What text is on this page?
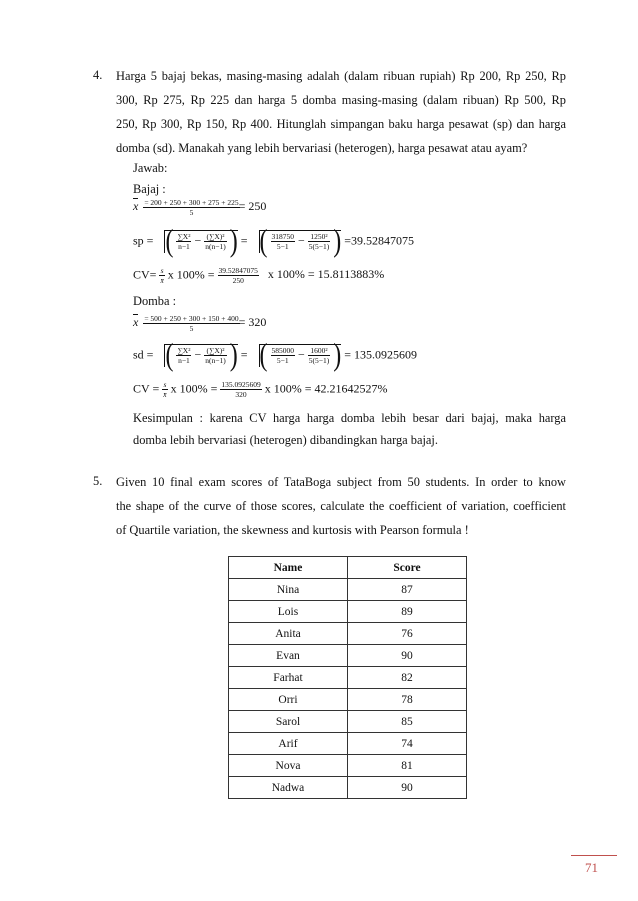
4. Harga 5 bajaj bekas, masing-masing adalah (dalam ribuan rupiah) Rp 200, Rp 250, Rp
300, Rp 275, Rp 225 dan harga 5 domba masing-masing (dalam ribuan) Rp 500, Rp
250, Rp 300, Rp 150, Rp 400. Hitunglah simpangan baku harga pesawat (sp) dan harga
domba (sd). Manakah yang lebih bervariasi (heterogen), harga pesawat atau ayam?
Jawab:
Bajaj :
x $\frac{= 200 + 250 + 300 + 275 + 225}{5} = 250$
sp = ( $\frac{\text{∑X²}}{n-1} - \frac{\text{(∑X)²}}{n(n-1)}$ ) = ( $\frac{318750}{5-1} - \frac{\text{1250²}}{5(5-1)}$ ) =39.52847075
$CV= \frac{s}{x̄}$ x $100\% = \frac{39.52847075}{250}$ x 100% = 15.8113883%
Domba :
x $\frac{= 500 + 250 + 300 + 150 + 400}{5} = 320$
sd = ( $\frac{\text{∑X²}}{n-1} - \frac{\text{(∑X)²}}{n(n-1)}$ ) = ( $\frac{585000}{5-1} - \frac{\text{1600²}}{5(5-1)}$ ) = 135.0925609
CV = $\frac{s}{x̄}$ x $100\% = \frac{135.0925609}{320}$ x 100% = 42.21642527%
Kesimpulan : karena CV harga harga domba lebih besar dari bajaj, maka harga
domba lebih bervariasi (heterogen) dibandingkan harga bajaj.
5. Given 10 final exam scores of TataBoga subject from 50 students. In order to know
the shape of the curve of those scores, calculate the coefficient of variation, coefficient
of Quartile variation, the skewness and kurtosis with Pearson formula !
Name	Score
Nina	87
Lois	89
Anita	76
Evan	90
Farhat	82
Orri	78
Sarol	85
Arif	74
Nova	81
Nadwa	90
71
